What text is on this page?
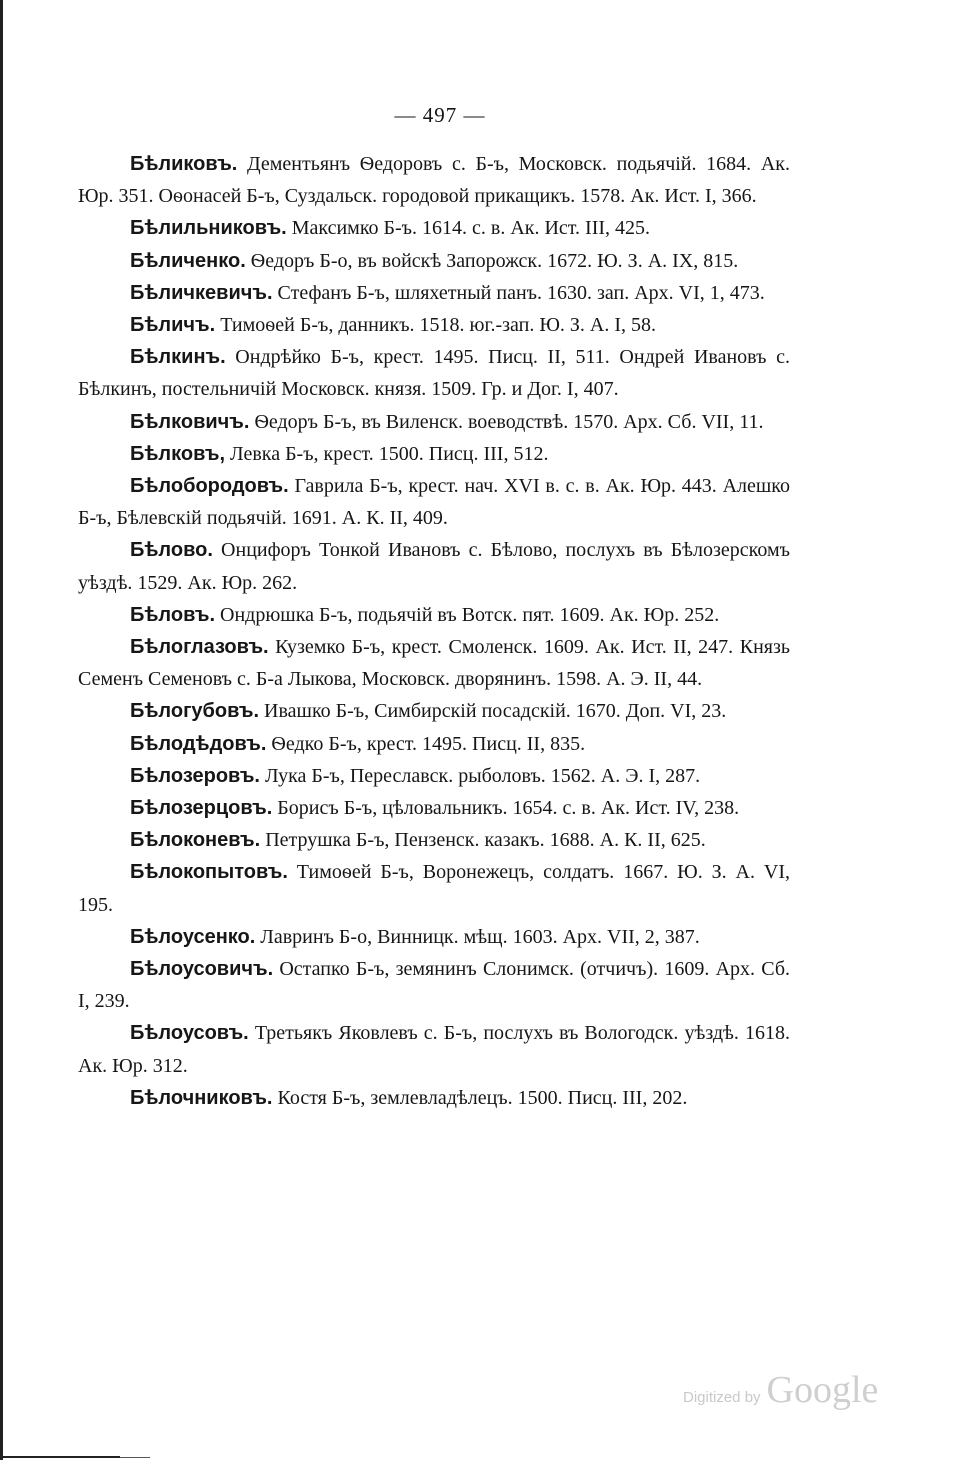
— 497 —

Бѣликовъ. Дементьянъ Ѳедоровъ с. Б-ъ, Московск. подьячiй. 1684. Ак. Юр. 351. Оѳонасей Б-ъ, Суздальск. городовой прикащикъ. 1578. Ак. Ист. I, 366.

Бѣлильниковъ. Максимко Б-ъ. 1614. с. в. Ак. Ист. III, 425.

Бѣличенко. Ѳедоръ Б-о, въ войскѣ Запорожск. 1672. Ю. З. А. IX, 815.

Бѣличкевичъ. Стефанъ Б-ъ, шляхетный панъ. 1630. зап. Арх. VI, 1, 473.

Бѣличъ. Тимоѳей Б-ъ, данникъ. 1518. юг.-зап. Ю. З. А. I, 58.

Бѣлкинъ. Ондрѣйко Б-ъ, крест. 1495. Писц. II, 511. Ондрей Ивановъ с. Бѣлкинъ, постельничiй Московск. князя. 1509. Гр. и Дог. I, 407.

Бѣлковичъ. Ѳедоръ Б-ъ, въ Виленск. воеводствѣ. 1570. Арх. Сб. VII, 11.

Бѣлковъ, Левка Б-ъ, крест. 1500. Писц. III, 512.

Бѣлобородовъ. Гаврила Б-ъ, крест. нач. XVI в. с. в. Ак. Юр. 443. Алешко Б-ъ, Бѣлевскiй подьячiй. 1691. А. К. II, 409.

Бѣлово. Онцифоръ Тонкой Ивановъ с. Бѣлово, послухъ въ Бѣлозерскомъ уѣздѣ. 1529. Ак. Юр. 262.

Бѣловъ. Ондрюшка Б-ъ, подьячiй въ Вотск. пят. 1609. Ак. Юр. 252.

Бѣлоглазовъ. Куземко Б-ъ, крест. Смоленск. 1609. Ак. Ист. II, 247. Князь Семенъ Семеновъ с. Б-а Лыкова, Московск. дворянинъ. 1598. А. Э. II, 44.

Бѣлогубовъ. Ивашко Б-ъ, Симбирскiй посадскiй. 1670. Доп. VI, 23.

Бѣлодѣдовъ. Ѳедко Б-ъ, крест. 1495. Писц. II, 835.

Бѣлозеровъ. Лука Б-ъ, Переславск. рыболовъ. 1562. А. Э. I, 287.

Бѣлозерцовъ. Борисъ Б-ъ, цѣловальникъ. 1654. с. в. Ак. Ист. IV, 238.

Бѣлоконевъ. Петрушка Б-ъ, Пензенск. казакъ. 1688. А. К. II, 625.

Бѣлокопытовъ. Тимоѳей Б-ъ, Воронежецъ, солдатъ. 1667. Ю. З. А. VI, 195.

Бѣлоусенко. Лавринъ Б-о, Винницк. мѣщ. 1603. Арх. VII, 2, 387.

Бѣлоусовичъ. Остапко Б-ъ, земянинъ Слонимск. (отчичъ). 1609. Арх. Сб. I, 239.

Бѣлоусовъ. Третьякъ Яковлевъ с. Б-ъ, послухъ въ Вологодск. уѣздѣ. 1618. Ак. Юр. 312.

Бѣлочниковъ. Костя Б-ъ, землевладѣлецъ. 1500. Писц. III, 202.

Digitized by Google
